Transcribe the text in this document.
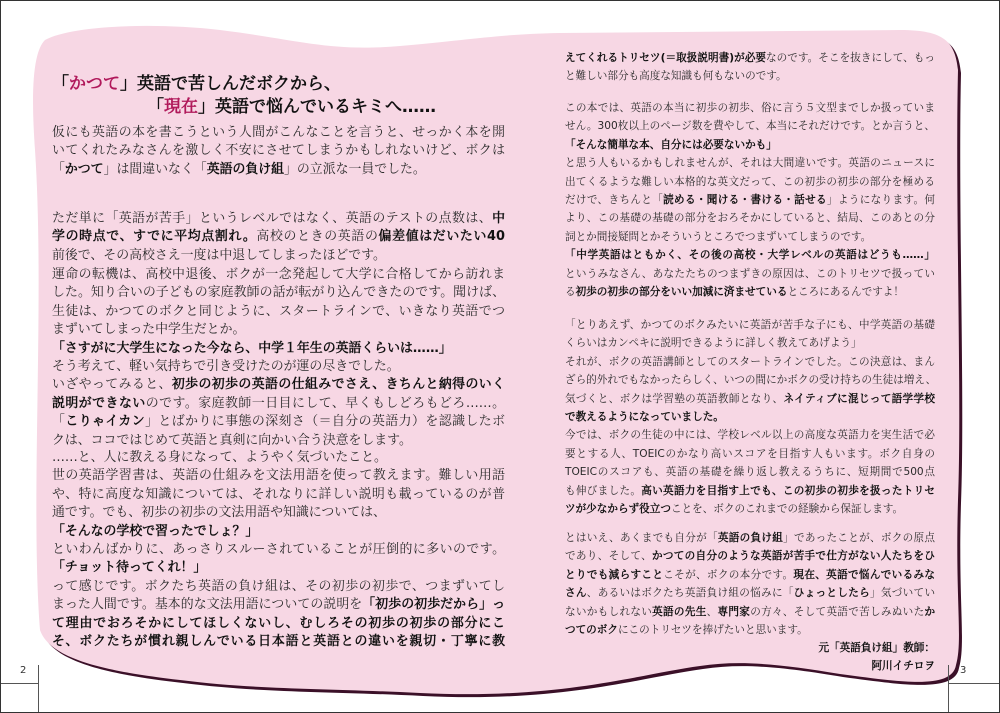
2	3
「かつて」英語で苦しんだボクから、
「現在」英語で悩んでいるキミへ……
仮にも英語の本を書こうという人間がこんなことを言うと、せっかく本を開
いてくれたみなさんを激しく不安にさせてしまうかもしれないけど、ボクは
「かつて」は間違いなく「英語の負け組」の立派な一員でした。
ただ単に「英語が苦手」というレベルではなく、英語のテストの点数は、中
学の時点で、すでに平均点割れ。高校のときの英語の偏差値はだいたい40
前後で、その高校さえ一度は中退してしまったほどです。
運命の転機は、高校中退後、ボクが一念発起して大学に合格してから訪れま
した。知り合いの子どもの家庭教師の話が転がり込んできたのです。聞けば、
生徒は、かつてのボクと同じように、スタートラインで、いきなり英語でつ
まずいてしまった中学生だとか。
「さすがに大学生になった今なら、中学１年生の英語くらいは……」
そう考えて、軽い気持ちで引き受けたのが運の尽きでした。
いざやってみると、初歩の初歩の英語の仕組みでさえ、きちんと納得のいく
説明ができないのです。家庭教師一日目にして、早くもしどろもどろ……。
「こりゃイカン」とばかりに事態の深刻さ（＝自分の英語力）を認識したボ
クは、ココではじめて英語と真剣に向かい合う決意をします。
……と、人に教える身になって、ようやく気づいたこと。
世の英語学習書は、英語の仕組みを文法用語を使って教えます。難しい用語
や、特に高度な知識については、それなりに詳しい説明も載っているのが普
通です。でも、初歩の初歩の文法用語や知識については、
「そんなの学校で習ったでしょ？」
といわんばかりに、あっさりスルーされていることが圧倒的に多いのです。
「チョット待ってくれ！」
って感じです。ボクたち英語の負け組は、その初歩の初歩で、つまずいてし
まった人間です。基本的な文法用語についての説明を「初歩の初歩だから」っ
て理由でおろそかにしてほしくないし、むしろその初歩の初歩の部分にこ
そ、ボクたちが慣れ親しんでいる日本語と英語との違いを親切・丁寧に教
えてくれるトリセツ(＝取扱説明書)が必要なのです。そこを抜きにして、もっ
と難しい部分も高度な知識も何もないのです。
この本では、英語の本当に初歩の初歩、俗に言う５文型までしか扱っていま
せん。300枚以上のページ数を費やして、本当にそれだけです。とか言うと、
「そんな簡単な本、自分には必要ないかも」
と思う人もいるかもしれませんが、それは大間違いです。英語のニュースに
出てくるような難しい本格的な英文だって、この初歩の初歩の部分を極める
だけで、きちんと「読める・聞ける・書ける・話せる」ようになります。何
より、この基礎の基礎の部分をおろそかにしていると、結局、このあとの分
詞とか間接疑問とかそういうところでつまずいてしまうのです。
「中学英語はともかく、その後の高校・大学レベルの英語はどうも……」
というみなさん、あなたたちのつまずきの原因は、このトリセツで扱ってい
る初歩の初歩の部分をいい加減に済ませているところにあるんですよ！
「とりあえず、かつてのボクみたいに英語が苦手な子にも、中学英語の基礎
くらいはカンペキに説明できるように詳しく教えてあげよう」
それが、ボクの英語講師としてのスタートラインでした。この決意は、まん
ざら的外れでもなかったらしく、いつの間にかボクの受け持ちの生徒は増え、
気づくと、ボクは学習塾の英語教師となり、ネイティブに混じって語学学校
で教えるようになっていました。
今では、ボクの生徒の中には、学校レベル以上の高度な英語力を実生活で必
要とする人、TOEICのかなり高いスコアを目指す人もいます。ボク自身の
TOEICのスコアも、英語の基礎を繰り返し教えるうちに、短期間で500点
も伸びました。高い英語力を目指す上でも、この初歩の初歩を扱ったトリセ
ツが少なからず役立つことを、ボクのこれまでの経験から保証します。
とはいえ、あくまでも自分が「英語の負け組」であったことが、ボクの原点
であり、そして、かつての自分のような英語が苦手で仕方がない人たちをひ
とりでも減らすことこそが、ボクの本分です。現在、英語で悩んでいるみな
さん、あるいはボクたち英語負け組の悩みに「ひょっとしたら」気づいてい
ないかもしれない英語の先生、専門家の方々、そして英語で苦しみぬいたか
つてのボクにこのトリセツを捧げたいと思います。
元「英語負け組」教師：
阿川イチロヲ
